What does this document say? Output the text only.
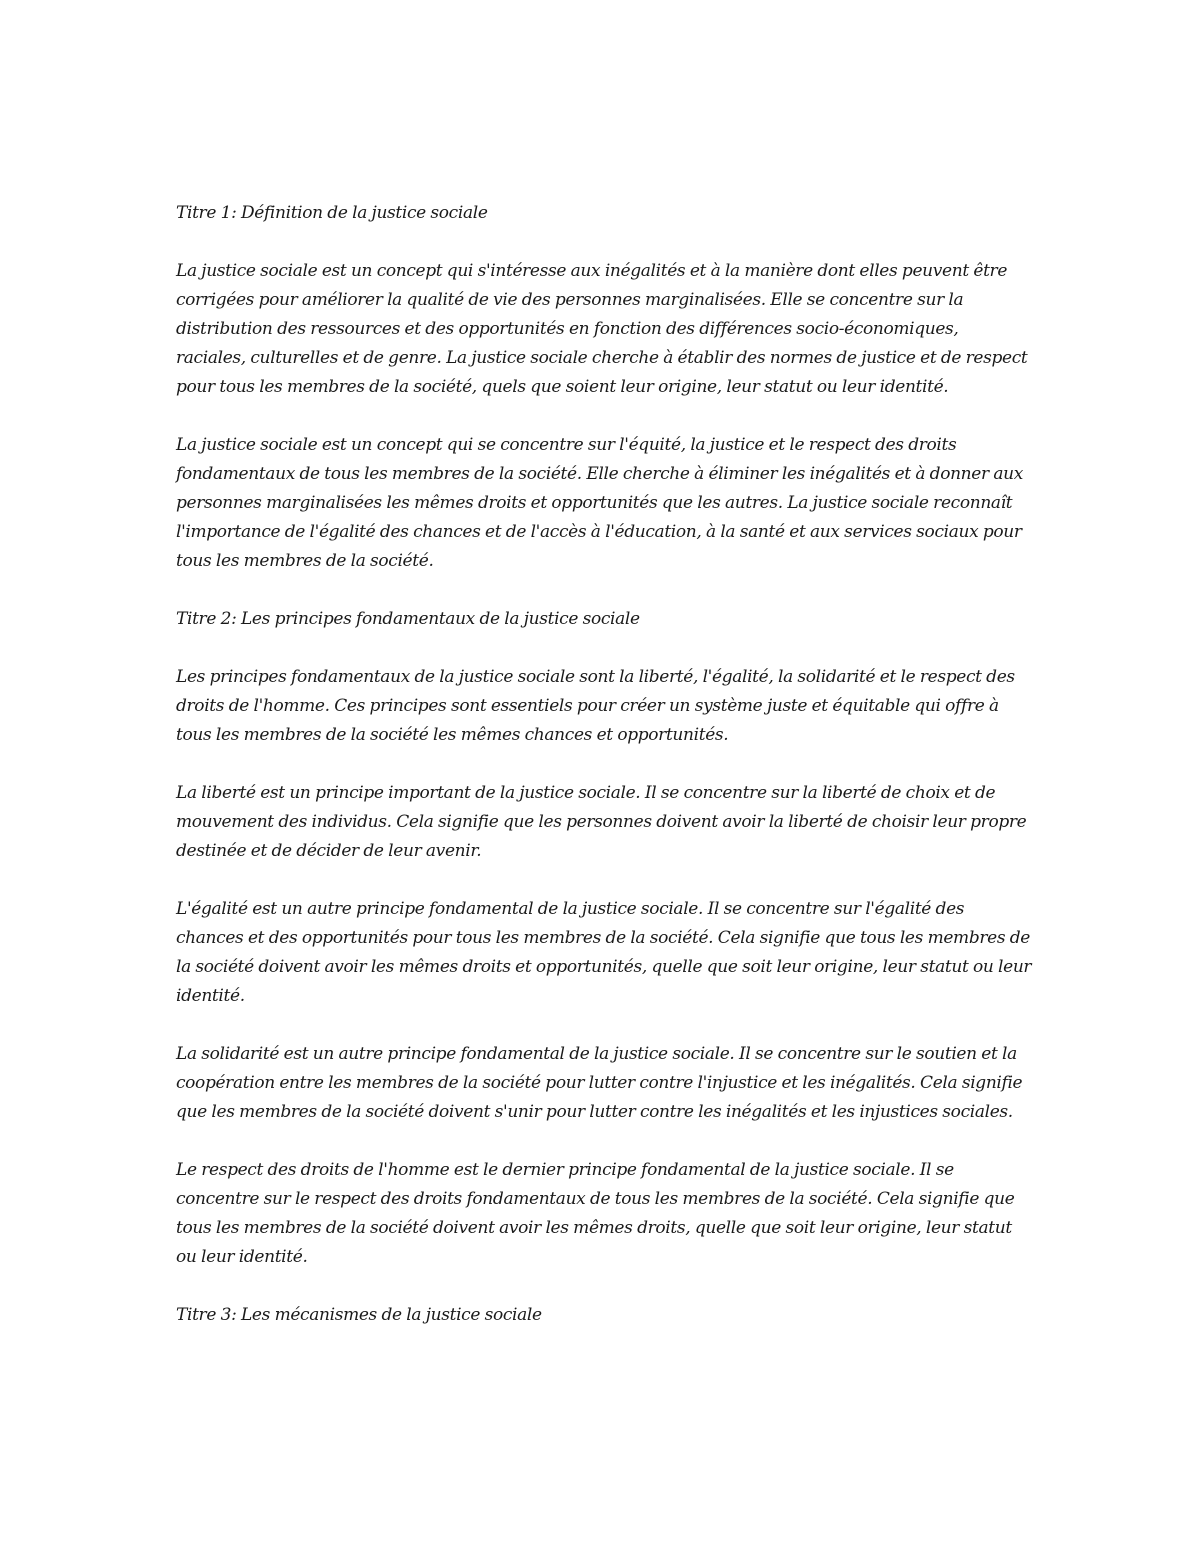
Titre 1: Définition de la justice sociale

La justice sociale est un concept qui s'intéresse aux inégalités et à la manière dont elles peuvent être corrigées pour améliorer la qualité de vie des personnes marginalisées. Elle se concentre sur la distribution des ressources et des opportunités en fonction des différences socio-économiques, raciales, culturelles et de genre. La justice sociale cherche à établir des normes de justice et de respect pour tous les membres de la société, quels que soient leur origine, leur statut ou leur identité.

La justice sociale est un concept qui se concentre sur l'équité, la justice et le respect des droits fondamentaux de tous les membres de la société. Elle cherche à éliminer les inégalités et à donner aux personnes marginalisées les mêmes droits et opportunités que les autres. La justice sociale reconnaît l'importance de l'égalité des chances et de l'accès à l'éducation, à la santé et aux services sociaux pour tous les membres de la société.

Titre 2: Les principes fondamentaux de la justice sociale

Les principes fondamentaux de la justice sociale sont la liberté, l'égalité, la solidarité et le respect des droits de l'homme. Ces principes sont essentiels pour créer un système juste et équitable qui offre à tous les membres de la société les mêmes chances et opportunités.

La liberté est un principe important de la justice sociale. Il se concentre sur la liberté de choix et de mouvement des individus. Cela signifie que les personnes doivent avoir la liberté de choisir leur propre destinée et de décider de leur avenir.

L'égalité est un autre principe fondamental de la justice sociale. Il se concentre sur l'égalité des chances et des opportunités pour tous les membres de la société. Cela signifie que tous les membres de la société doivent avoir les mêmes droits et opportunités, quelle que soit leur origine, leur statut ou leur identité.

La solidarité est un autre principe fondamental de la justice sociale. Il se concentre sur le soutien et la coopération entre les membres de la société pour lutter contre l'injustice et les inégalités. Cela signifie que les membres de la société doivent s'unir pour lutter contre les inégalités et les injustices sociales.

Le respect des droits de l'homme est le dernier principe fondamental de la justice sociale. Il se concentre sur le respect des droits fondamentaux de tous les membres de la société. Cela signifie que tous les membres de la société doivent avoir les mêmes droits, quelle que soit leur origine, leur statut ou leur identité.

Titre 3: Les mécanismes de la justice sociale
